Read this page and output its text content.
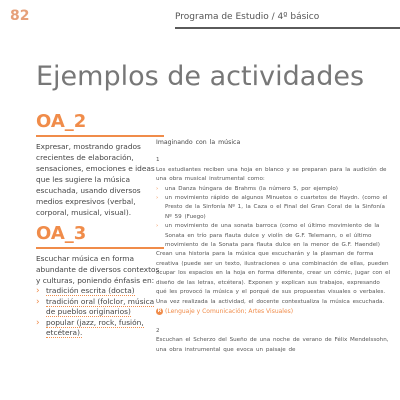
82	Programa de Estudio / 4º básico
Ejemplos de actividades
OA_2
Expresar, mostrando grados crecientes de elaboración, sensaciones, emociones e ideas que les sugiere la música escuchada, usando diversos medios expresivos (verbal, corporal, musical, visual).
OA_3
Escuchar música en forma abundante de diversos contextos y culturas, poniendo énfasis en:
› tradición escrita (docta)
› tradición oral (folclor, música de pueblos originarios)
› popular (jazz, rock, fusión, etcétera).
Imaginando con la música
1
Los estudiantes reciben una hoja en blanco y se preparan para la audición de una obra musical instrumental como:
› una Danza húngara de Brahms (la número 5, por ejemplo)
› un movimiento rápido de algunos Minuetos o cuartetos de Haydn. (como el Presto de la Sinfonía Nº 1, la Caza o el Final del Gran Coral de la Sinfonía Nº 59 (Fuego)
› un movimiento de una sonata barroca (como el último movimiento de la Sonata en trío para flauta dulce y violín de G.F. Telemann, o el último movimiento de la Sonata para flauta dulce en la menor de G.F. Haendel)
Crean una historia para la música que escucharán y la plasman de forma creativa (puede ser un texto, ilustraciones o una combinación de ellas, pueden ocupar los espacios en la hoja en forma diferente, crear un cómic, jugar con el diseño de las letras, etcétera). Exponen y explican sus trabajos, expresando qué les provocó la música y el porqué de sus propuestas visuales o verbales. Una vez realizada la actividad, el docente contextualiza la música escuchada.
R (Lenguaje y Comunicación; Artes Visuales)
2
Escuchan el Scherzo del Sueño de una noche de verano de Félix Mendelssohn, una obra instrumental que evoca un paisaje de
